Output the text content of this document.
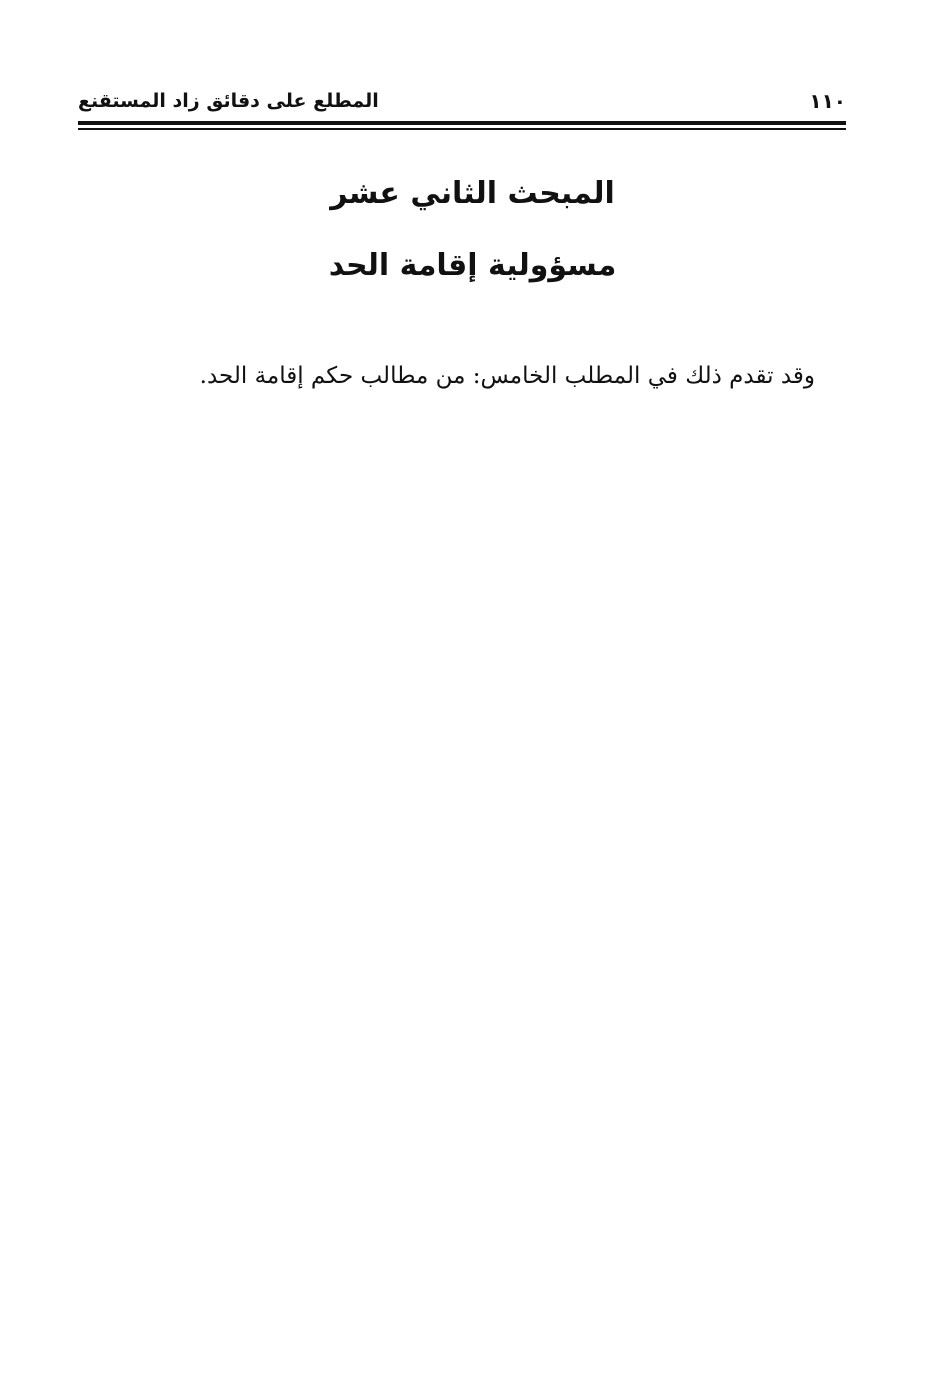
١١٠
المطلع على دقائق زاد المستقنع
المبحث الثاني عشر
مسؤولية إقامة الحد
وقد تقدم ذلك في المطلب الخامس: من مطالب حكم إقامة الحد.
